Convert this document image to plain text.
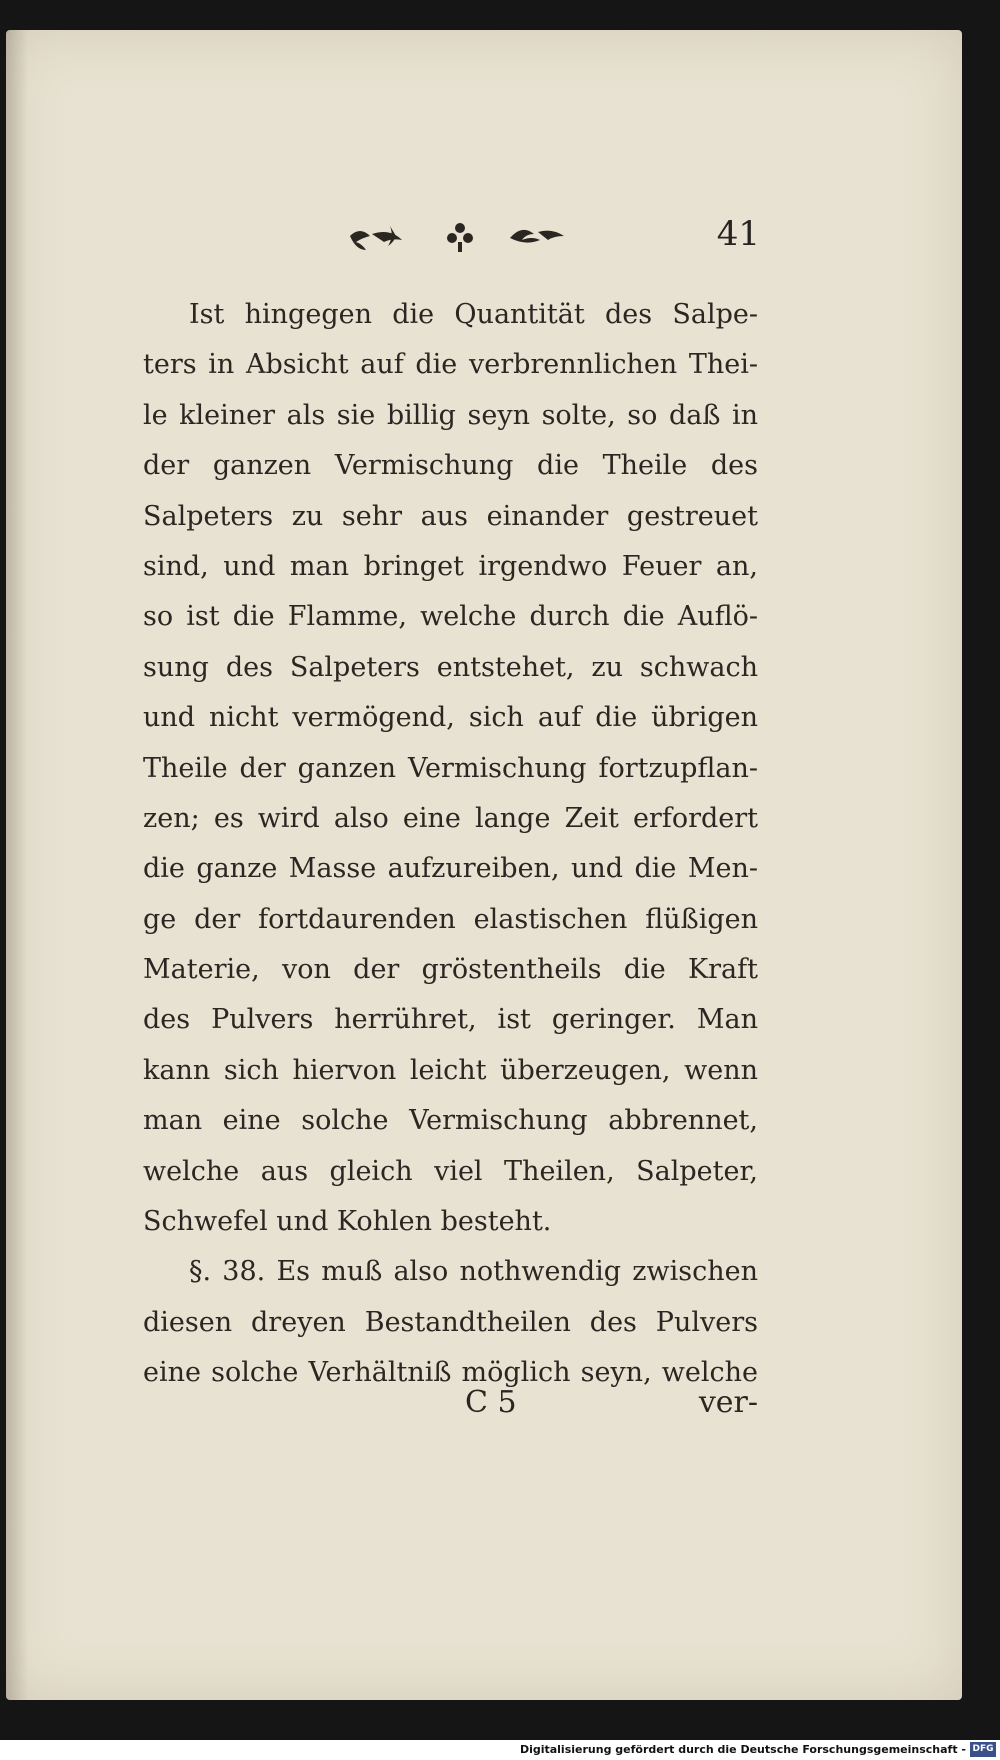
41
Ist hingegen die Quantität des Salpe-
ters in Absicht auf die verbrennlichen Thei-
le kleiner als sie billig seyn solte, so daß in
der ganzen Vermischung die Theile des
Salpeters zu sehr aus einander gestreuet
sind, und man bringet irgendwo Feuer an,
so ist die Flamme, welche durch die Auflö-
sung des Salpeters entstehet, zu schwach
und nicht vermögend, sich auf die übrigen
Theile der ganzen Vermischung fortzupflan-
zen; es wird also eine lange Zeit erfordert
die ganze Masse aufzureiben, und die Men-
ge der fortdaurenden elastischen flüßigen
Materie, von der gröstentheils die Kraft
des Pulvers herrühret, ist geringer. Man
kann sich hiervon leicht überzeugen, wenn
man eine solche Vermischung abbrennet,
welche aus gleich viel Theilen, Salpeter,
Schwefel und Kohlen besteht.
§. 38. Es muß also nothwendig zwischen
diesen dreyen Bestandtheilen des Pulvers
eine solche Verhältniß möglich seyn, welche
C 5	ver-
Digitalisierung gefördert durch die Deutsche Forschungsgemeinschaft - DFG
